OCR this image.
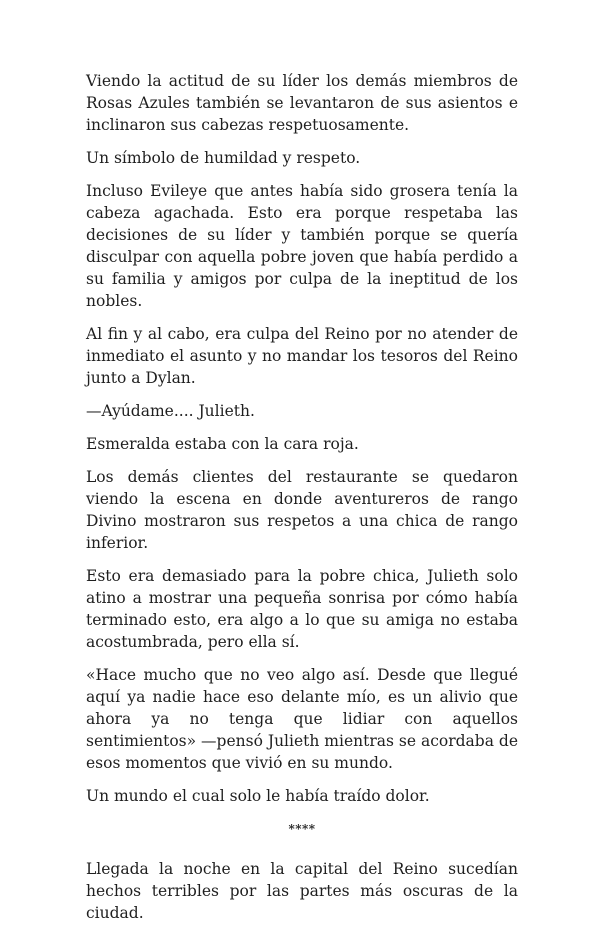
Viendo la actitud de su líder los demás miembros de Rosas Azules también se levantaron de sus asientos e inclinaron sus cabezas respetuosamente.

Un símbolo de humildad y respeto.

Incluso Evileye que antes había sido grosera tenía la cabeza agachada. Esto era porque respetaba las decisiones de su líder y también porque se quería disculpar con aquella pobre joven que había perdido a su familia y amigos por culpa de la ineptitud de los nobles.

Al fin y al cabo, era culpa del Reino por no atender de inmediato el asunto y no mandar los tesoros del Reino junto a Dylan.

—Ayúdame.... Julieth.

Esmeralda estaba con la cara roja.

Los demás clientes del restaurante se quedaron viendo la escena en donde aventureros de rango Divino mostraron sus respetos a una chica de rango inferior.

Esto era demasiado para la pobre chica, Julieth solo atino a mostrar una pequeña sonrisa por cómo había terminado esto, era algo a lo que su amiga no estaba acostumbrada, pero ella sí.

«Hace mucho que no veo algo así. Desde que llegué aquí ya nadie hace eso delante mío, es un alivio que ahora ya no tenga que lidiar con aquellos sentimientos» —pensó Julieth mientras se acordaba de esos momentos que vivió en su mundo.

Un mundo el cual solo le había traído dolor.

****

Llegada la noche en la capital del Reino sucedían hechos terribles por las partes más oscuras de la ciudad.
